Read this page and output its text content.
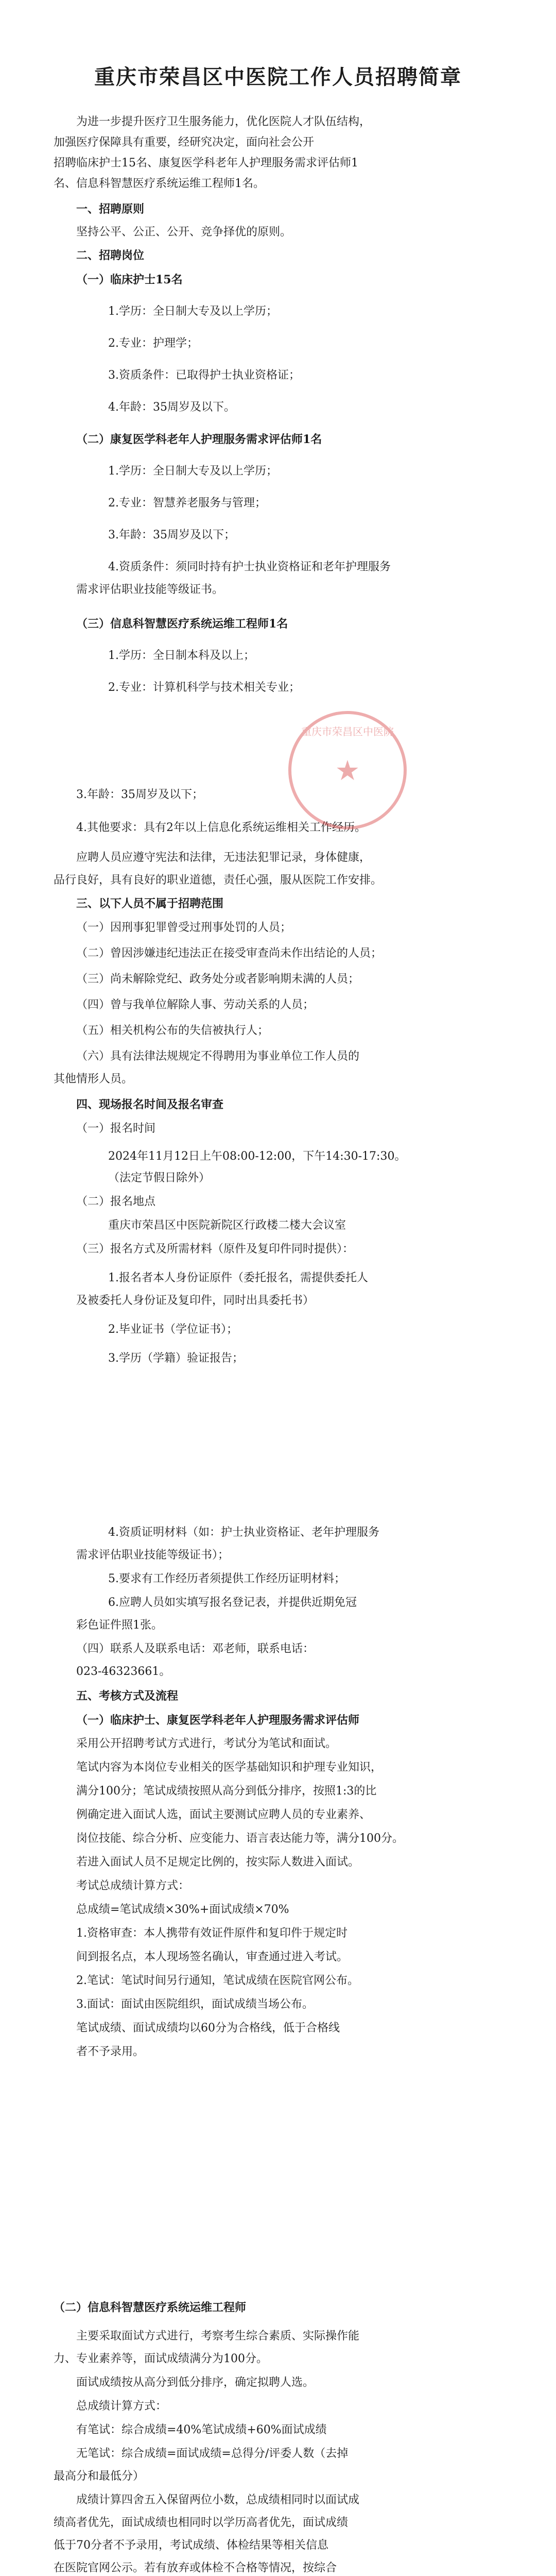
重庆市荣昌区中医院工作人员招聘简章
为进一步提升医疗卫生服务能力，优化医院人才队伍结构，
加强医疗保障具有重要，经研究决定，面向社会公开
招聘临床护士15名、康复医学科老年人护理服务需求评估师1
名、信息科智慧医疗系统运维工程师1名。
一、招聘原则
坚持公平、公正、公开、竞争择优的原则。
二、招聘岗位
（一）临床护士15名
1.学历：全日制大专及以上学历；
2.专业：护理学；
3.资质条件：已取得护士执业资格证；
4.年龄：35周岁及以下。
（二）康复医学科老年人护理服务需求评估师1名
1.学历：全日制大专及以上学历；
2.专业：智慧养老服务与管理；
3.年龄：35周岁及以下；
4.资质条件：须同时持有护士执业资格证和老年护理服务
需求评估职业技能等级证书。
（三）信息科智慧医疗系统运维工程师1名
1.学历：全日制本科及以上；
2.专业：计算机科学与技术相关专业；
3.年龄：35周岁及以下；
4.其他要求：具有2年以上信息化系统运维相关工作经历。
应聘人员应遵守宪法和法律，无违法犯罪记录，身体健康，
品行良好，具有良好的职业道德，责任心强，服从医院工作安排。
三、以下人员不属于招聘范围
（一）因刑事犯罪曾受过刑事处罚的人员；
（二）曾因涉嫌违纪违法正在接受审查尚未作出结论的人员；
（三）尚未解除党纪、政务处分或者影响期未满的人员；
（四）曾与我单位解除人事、劳动关系的人员；
（五）相关机构公布的失信被执行人；
（六）具有法律法规规定不得聘用为事业单位工作人员的
其他情形人员。
四、现场报名时间及报名审查
（一）报名时间
2024年11月12日上午08:00-12:00，下午14:30-17:30。
（法定节假日除外）
（二）报名地点
重庆市荣昌区中医院新院区行政楼二楼大会议室
（三）报名方式及所需材料（原件及复印件同时提供）：
1.报名者本人身份证原件（委托报名，需提供委托人
及被委托人身份证及复印件，同时出具委托书）
2.毕业证书（学位证书）；
3.学历（学籍）验证报告；
4.资质证明材料（如：护士执业资格证、老年护理服务
需求评估职业技能等级证书）；
5.要求有工作经历者须提供工作经历证明材料；
6.应聘人员如实填写报名登记表，并提供近期免冠
彩色证件照1张。
（四）联系人及联系电话：邓老师，联系电话：
023-46323661。
五、考核方式及流程
（一）临床护士、康复医学科老年人护理服务需求评估师
采用公开招聘考试方式进行，考试分为笔试和面试。
笔试内容为本岗位专业相关的医学基础知识和护理专业知识，
满分100分；笔试成绩按照从高分到低分排序，按照1:3的比
例确定进入面试人选，面试主要测试应聘人员的专业素养、
岗位技能、综合分析、应变能力、语言表达能力等，满分100分。
若进入面试人员不足规定比例的，按实际人数进入面试。
考试总成绩计算方式：
总成绩=笔试成绩×30%+面试成绩×70%
1.资格审查：本人携带有效证件原件和复印件于规定时
间到报名点，本人现场签名确认，审查通过进入考试。
2.笔试：笔试时间另行通知，笔试成绩在医院官网公布。
3.面试：面试由医院组织，面试成绩当场公布。
笔试成绩、面试成绩均以60分为合格线，低于合格线
者不予录用。
（二）信息科智慧医疗系统运维工程师
主要采取面试方式进行，考察考生综合素质、实际操作能
力、专业素养等，面试成绩满分为100分。
面试成绩按从高分到低分排序，确定拟聘人选。
总成绩计算方式：
有笔试：综合成绩=40%笔试成绩+60%面试成绩
无笔试：综合成绩=面试成绩=总得分/评委人数（去掉
最高分和最低分）
成绩计算四舍五入保留两位小数，总成绩相同时以面试成
绩高者优先，面试成绩也相同时以学历高者优先，面试成绩
低于70分者不予录用，考试成绩、体检结果等相关信息
在医院官网公示。若有放弃或体检不合格等情况，按综合
重庆市荣昌区中医院
★
